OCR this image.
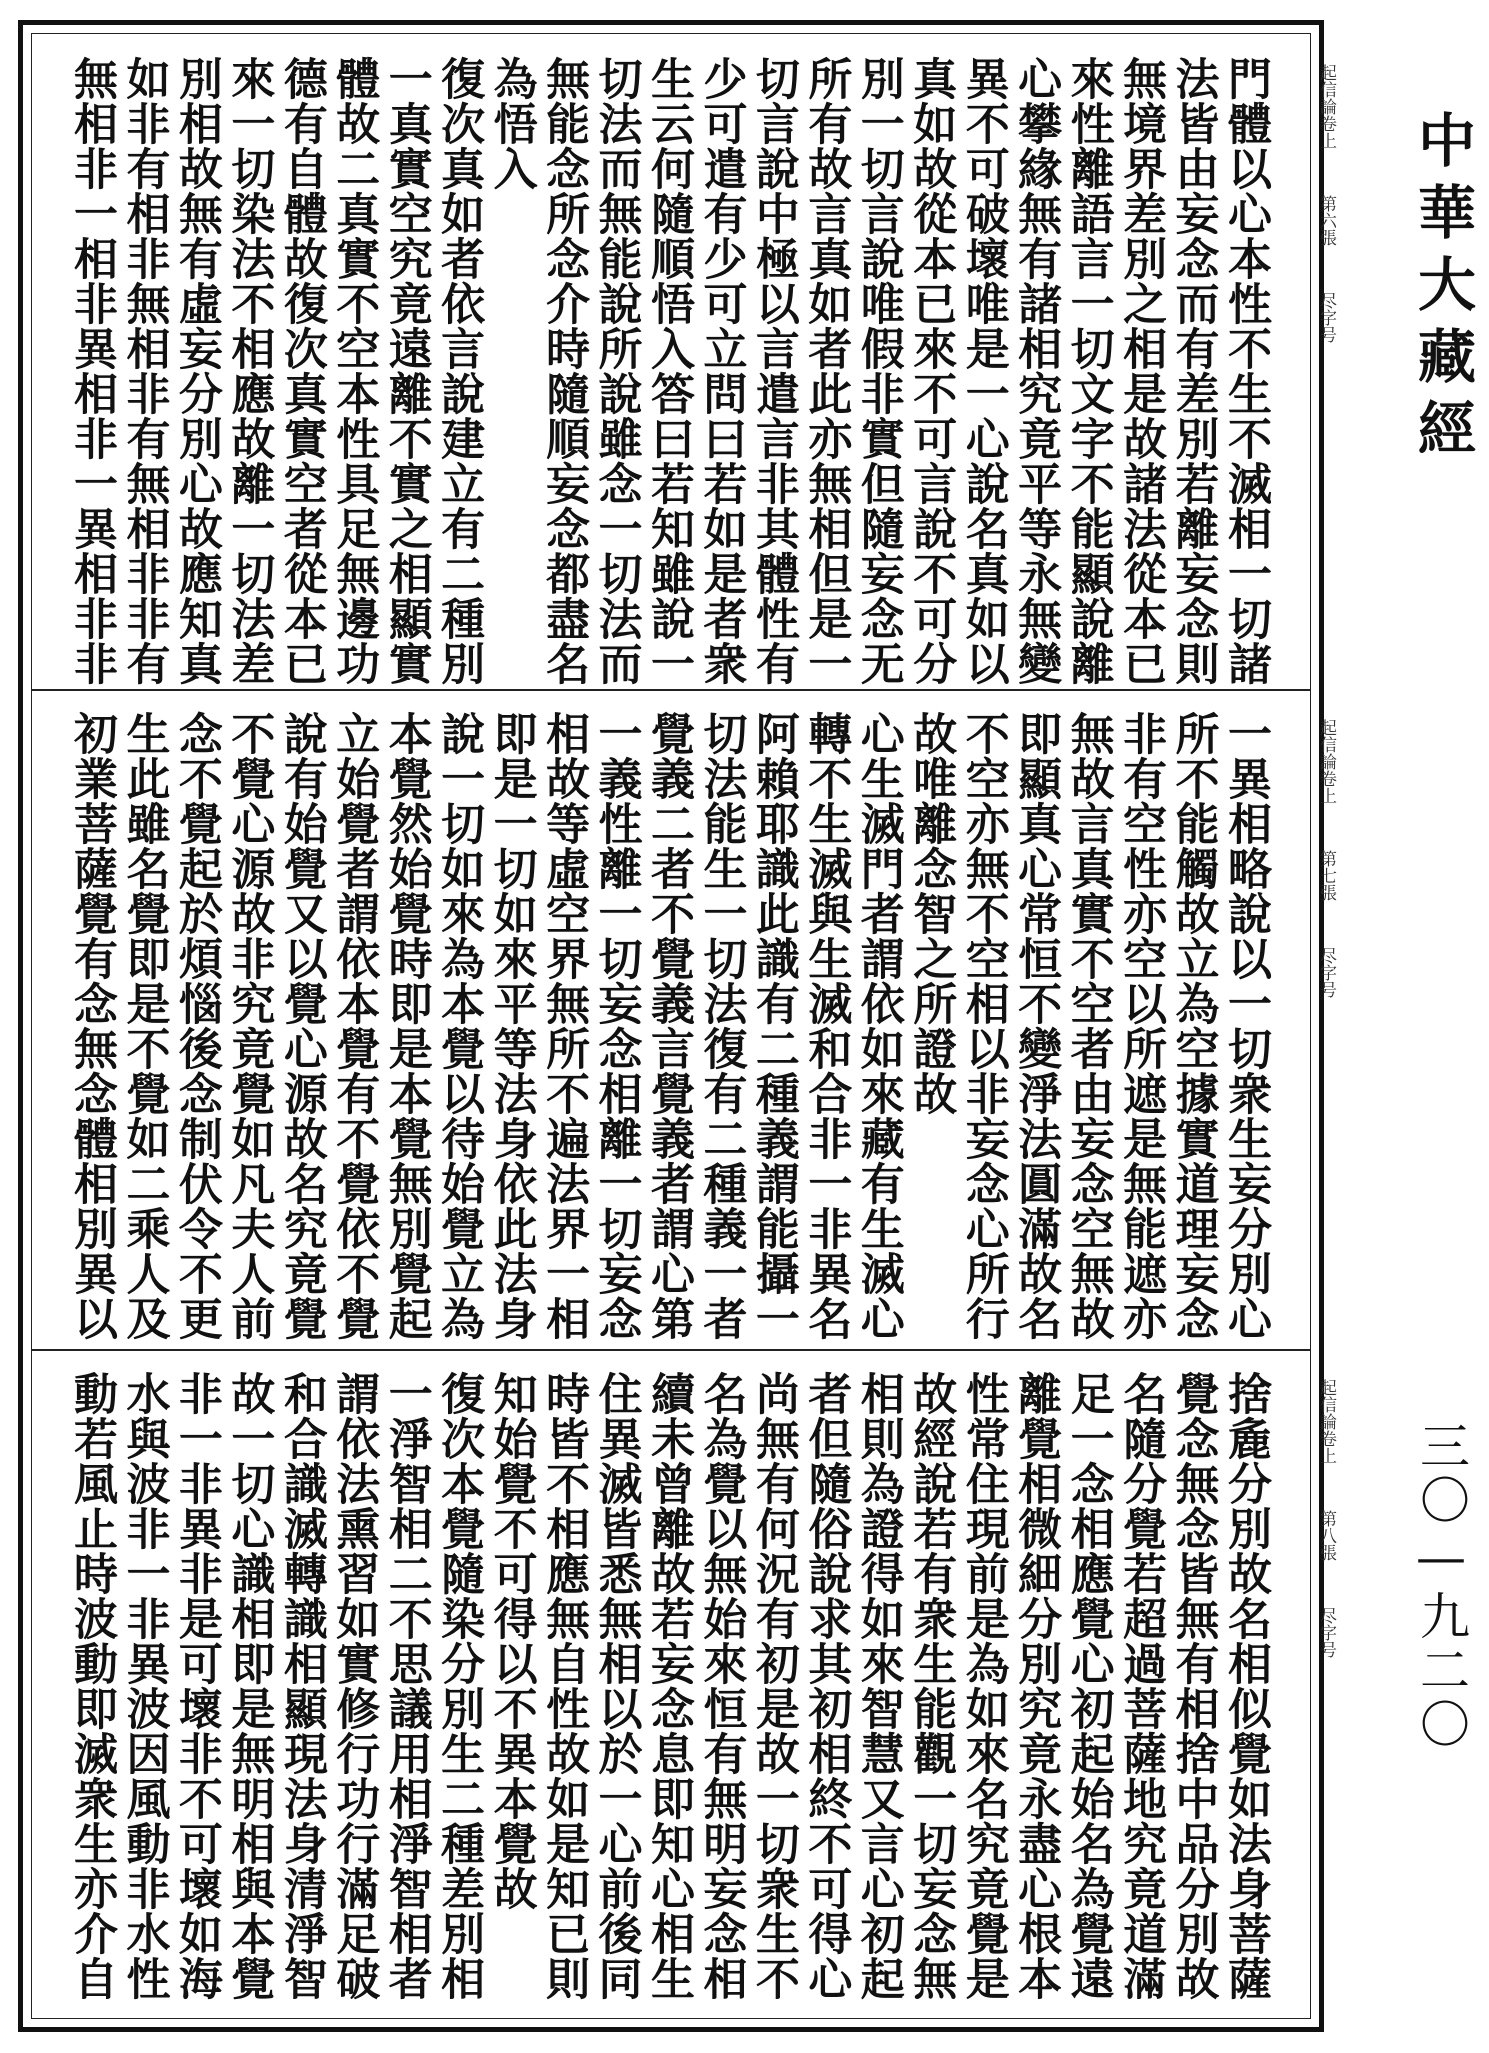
中華大藏經
三〇—九二〇
門體以心本性不生不滅相一切諸
法皆由妄念而有差別若離妄念則
無境界差別之相是故諸法從本已
來性離語言一切文字不能顯說離
心攀緣無有諸相究竟平等永無變
異不可破壞唯是一心說名真如以
真如故從本已來不可言說不可分
別一切言說唯假非實但隨妄念无
所有故言真如者此亦無相但是一
切言說中極以言遣言非其體性有
少可遣有少可立問曰若如是者衆
生云何隨順悟入答曰若知雖說一
切法而無能說所說雖念一切法而
無能念所念介時隨順妄念都盡名
為悟入
復次真如者依言說建立有二種別
一真實空究竟遠離不實之相顯實
體故二真實不空本性具足無邊功
德有自體故復次真實空者從本已
來一切染法不相應故離一切法差
別相故無有虛妄分別心故應知真
如非有相非無相非有無相非非有
無相非一相非異相非一異相非非	起信論卷上
第六張
尽字号
一異相略說以一切衆生妄分別心
所不能觸故立為空據實道理妄念
非有空性亦空以所遮是無能遮亦
無故言真實不空者由妄念空無故
即顯真心常恒不變淨法圓滿故名
不空亦無不空相以非妄念心所行
故唯離念智之所證故
心生滅門者謂依如來藏有生滅心
轉不生滅與生滅和合非一非異名
阿賴耶識此識有二種義謂能攝一
切法能生一切法復有二種義一者
覺義二者不覺義言覺義者謂心第
一義性離一切妄念相離一切妄念
相故等虛空界無所不遍法界一相
即是一切如來平等法身依此法身
說一切如來為本覺以待始覺立為
本覺然始覺時即是本覺無別覺起
立始覺者謂依本覺有不覺依不覺
說有始覺又以覺心源故名究竟覺
不覺心源故非究竟覺如凡夫人前
念不覺起於煩惱後念制伏令不更
生此雖名覺即是不覺如二乘人及
初業菩薩覺有念無念體相別異以	起信論卷上
第七張
尽字号
捨麁分別故名相似覺如法身菩薩
覺念無念皆無有相捨中品分別故
名隨分覺若超過菩薩地究竟道滿
足一念相應覺心初起始名為覺遠
離覺相微細分別究竟永盡心根本
性常住現前是為如來名究竟覺是
故經說若有衆生能觀一切妄念無
相則為證得如來智慧又言心初起
者但隨俗說求其初相終不可得心
尚無有何況有初是故一切衆生不
名為覺以無始來恒有無明妄念相
續未曾離故若妄念息即知心相生
住異滅皆悉無相以於一心前後同
時皆不相應無自性故如是知已則
知始覺不可得以不異本覺故
復次本覺隨染分別生二種差別相
一淨智相二不思議用相淨智相者
謂依法熏習如實修行功行滿足破
和合識滅轉識相顯現法身清淨智
故一切心識相即是無明相與本覺
非一非異非是可壞非不可壞如海
水與波非一非異波因風動非水性
動若風止時波動即滅衆生亦介自	起信論卷上
第八張
尽字号
